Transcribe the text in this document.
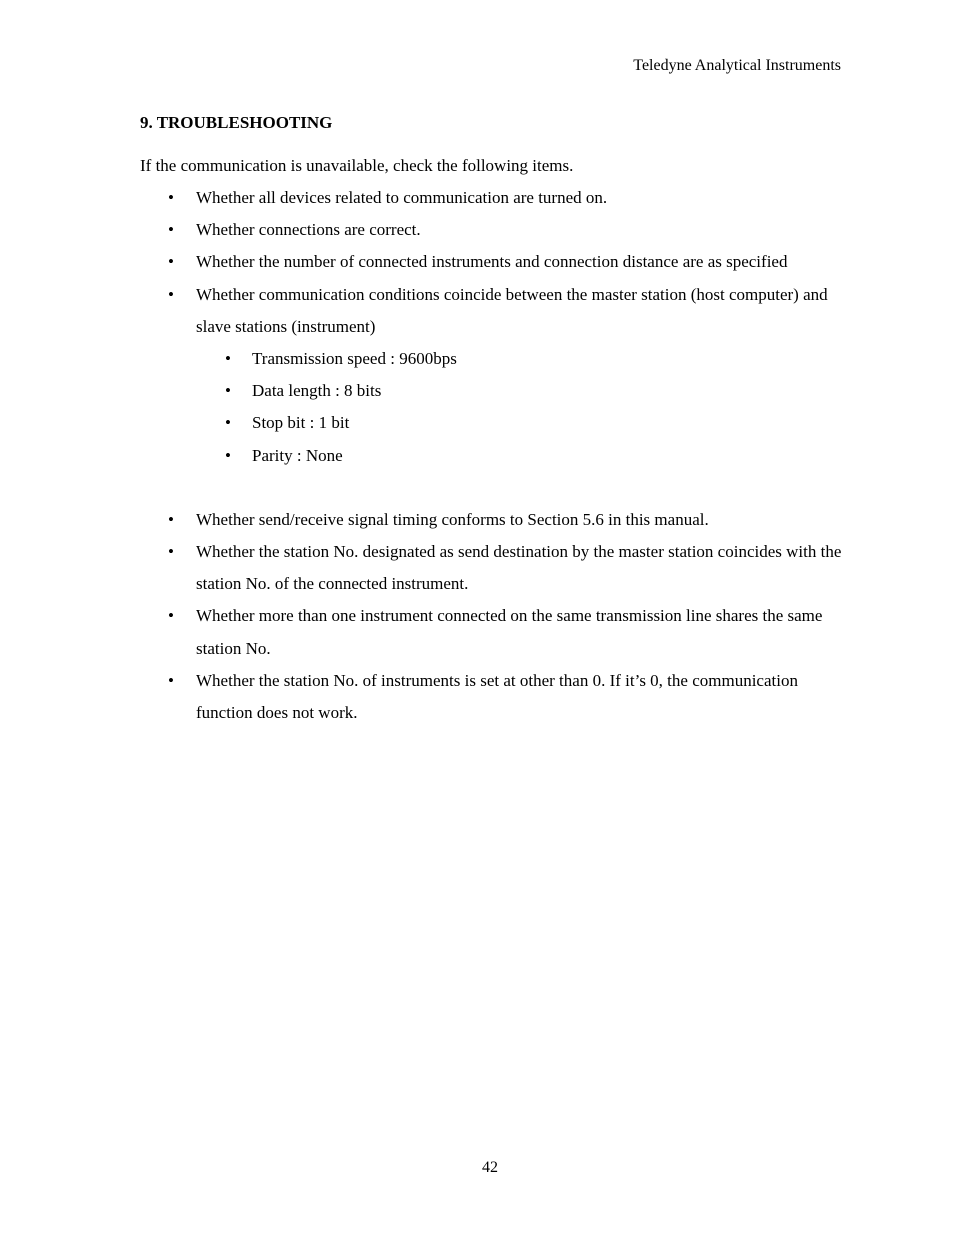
Teledyne Analytical Instruments
9. TROUBLESHOOTING
If the communication is unavailable, check the following items.
• Whether all devices related to communication are turned on.
• Whether connections are correct.
• Whether the number of connected instruments and connection distance are as specified
• Whether communication conditions coincide between the master station (host computer) and slave stations (instrument)
• Transmission speed : 9600bps
• Data length : 8 bits
• Stop bit : 1 bit
• Parity : None
• Whether send/receive signal timing conforms to Section 5.6 in this manual.
• Whether the station No. designated as send destination by the master station coincides with the station No. of the connected instrument.
• Whether more than one instrument connected on the same transmission line shares the same station No.
• Whether the station No. of instruments is set at other than 0. If it’s 0, the communication function does not work.
42
